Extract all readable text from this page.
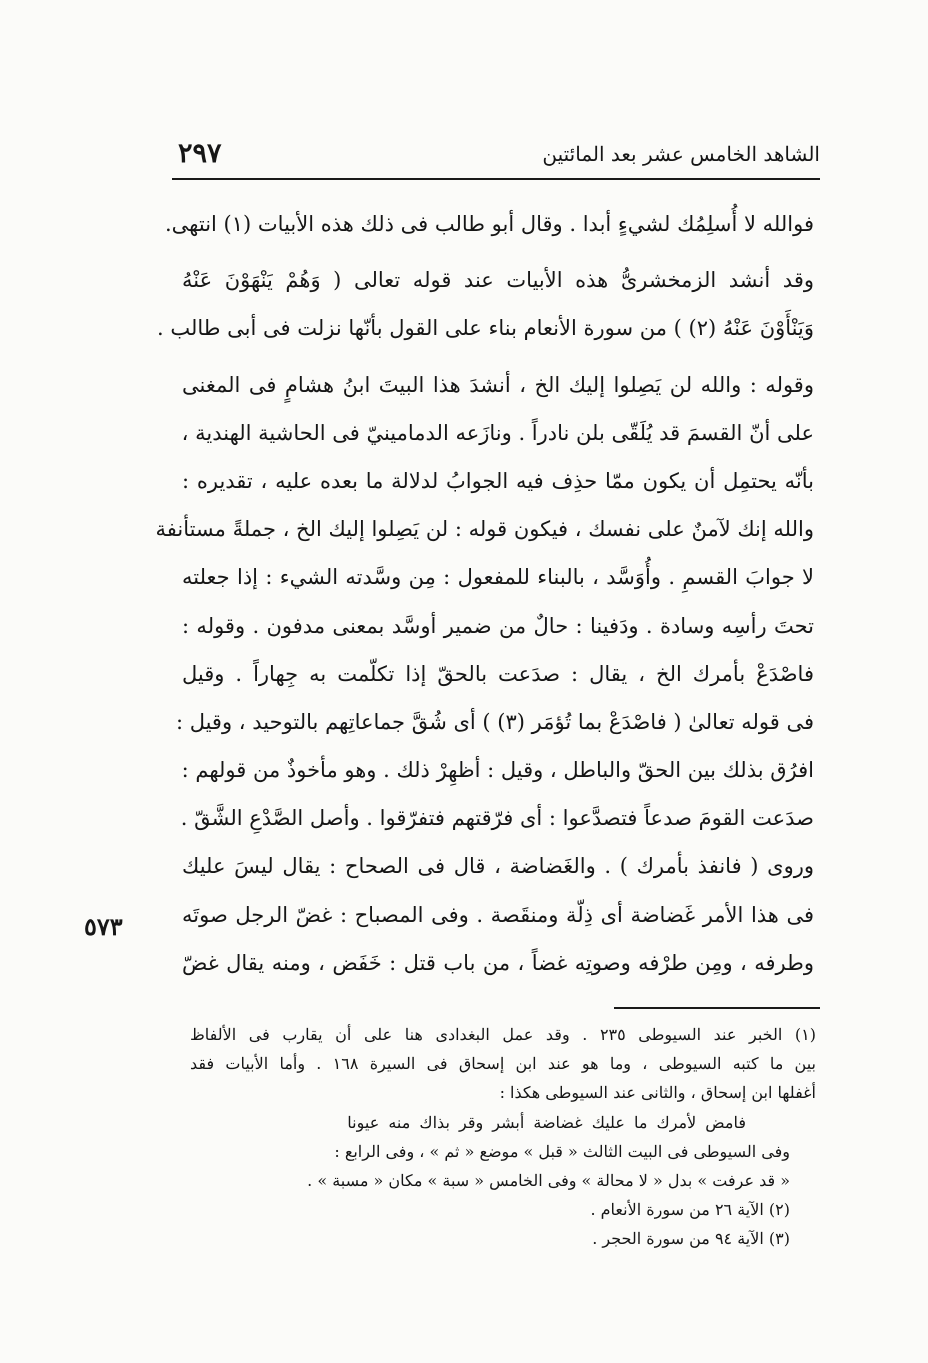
الشاهد الخامس عشر بعد المائتين
٢٩٧
فوالله لا أُسلِمُك لشيءٍ أبدا . وقال أبو طالب فى ذلك هذه الأبيات (١) انتهى.
وقد أنشد الزمخشرىُّ هذه الأبيات عند قوله تعالى ( وَهُمْ يَنْهَوْنَ عَنْهُ
وَيَنْأَوْنَ عَنْهُ (٢) ) من سورة الأنعام بناء على القول بأنّها نزلت فى أبى طالب .
وقوله : والله لن يَصِلوا إليك الخ ، أنشدَ هذا البيتَ ابنُ هشامٍ فى المغنى
على أنّ القسمَ قد يُلَقّى بلن نادراً . ونازَعه الدمامينيّ فى الحاشية الهندية ،
بأنّه يحتمِل أن يكون ممّا حذِف فيه الجوابُ لدلالة ما بعده عليه ، تقديره :
والله إنك لآمنٌ على نفسك ، فيكون قوله : لن يَصِلوا إليك الخ ، جملةً مستأنفة
لا جوابَ القسمِ . وأُوَسَّد ، بالبناء للمفعول : مِن وسَّدته الشيء : إذا جعلته
تحتَ رأسِه وسادة . ودَفينا : حالٌ من ضمير أوسَّد بمعنى مدفون . وقوله :
فاصْدَعْ بأمرك الخ ، يقال : صدَعت بالحقّ إذا تكلّمت به جِهاراً . وقيل
فى قوله تعالىٰ ( فاصْدَعْ بما تُؤمَر (٣) ) أى شُقَّ جماعاتِهم بالتوحيد ، وقيل :
افرُق بذلك بين الحقّ والباطل ، وقيل : أظهِرْ ذلك . وهو مأخوذٌ من قولهم :
صدَعت القومَ صدعاً فتصدَّعوا : أى فرّقتهم فتفرّقوا . وأصل الصَّدْعِ الشَّقّ .
وروى ( فانفذ بأمرك ) . والغَضاضة ، قال فى الصحاح : يقال ليسَ عليك
فى هذا الأمر غَضاضة أى ذِلّة ومنقَصة . وفى المصباح : غضّ الرجل صوتَه
وطرفه ، ومِن طرْفه وصوتِه غضاً ، من باب قتل : خَفَض ، ومنه يقال غضّ
٥٧٣
(١) الخبر عند السيوطى ٢٣٥ . وقد عمل البغدادى هنا على أن يقارب فى الألفاظ
بين ما كتبه السيوطى ، وما هو عند ابن إسحاق فى السيرة ١٦٨ . وأما الأبيات فقد
أغفلها ابن إسحاق ، والثانى عند السيوطى هكذا :
فامض لأمرك ما عليك غضاضة أبشر وقر بذاك منه عيونا
وفى السيوطى فى البيت الثالث « قبل » موضع « ثم » ، وفى الرابع :
« قد عرفت » بدل « لا محالة » وفى الخامس « سبة » مكان « مسبة » .
(٢) الآية ٢٦ من سورة الأنعام .
(٣) الآية ٩٤ من سورة الحجر .
